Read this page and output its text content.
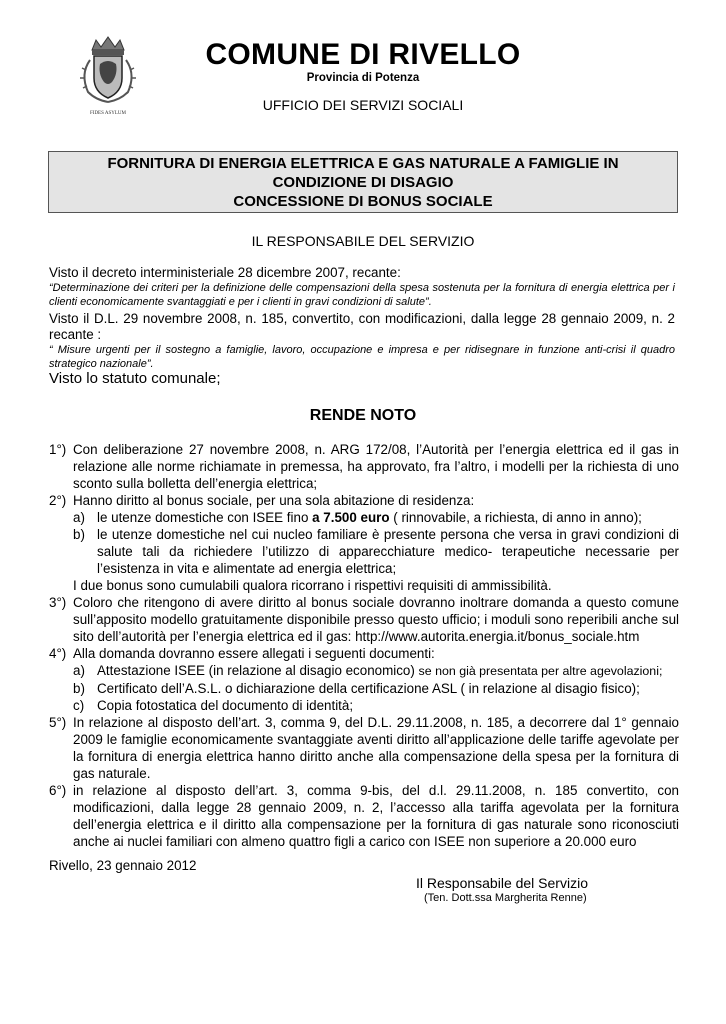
FIDES ASYLUM
COMUNE DI RIVELLO
Provincia di Potenza
UFFICIO DEI SERVIZI SOCIALI
FORNITURA DI ENERGIA ELETTRICA E GAS NATURALE A FAMIGLIE IN
CONDIZIONE DI DISAGIO
CONCESSIONE DI BONUS SOCIALE
IL RESPONSABILE DEL SERVIZIO
Visto il decreto interministeriale 28 dicembre 2007, recante:
“Determinazione dei criteri per la definizione delle compensazioni della spesa sostenuta per la fornitura di energia elettrica per i clienti economicamente svantaggiati e per i clienti in gravi condizioni di salute”.
Visto il D.L. 29 novembre 2008, n. 185, convertito, con modificazioni, dalla legge 28 gennaio 2009, n. 2 recante :
“ Misure urgenti per il sostegno a famiglie, lavoro, occupazione e impresa e per ridisegnare in funzione anti-crisi il quadro strategico nazionale”.
Visto lo statuto comunale;
RENDE NOTO
1°) Con deliberazione 27 novembre 2008, n. ARG 172/08, l’Autorità per l’energia elettrica ed il gas in relazione alle norme richiamate in premessa, ha approvato, fra l’altro, i modelli per la richiesta di uno sconto sulla bolletta dell’energia elettrica;
2°) Hanno diritto al bonus sociale, per una sola abitazione di residenza:
a) le utenze domestiche con ISEE fino a 7.500 euro ( rinnovabile, a richiesta, di anno in anno);
b) le utenze domestiche nel cui nucleo familiare è presente persona che versa in gravi condizioni di salute tali da richiedere l’utilizzo di apparecchiature medico- terapeutiche necessarie per l’esistenza in vita e alimentate ad energia elettrica;
I due bonus sono cumulabili qualora ricorrano i rispettivi requisiti di ammissibilità.
3°) Coloro che ritengono di avere diritto al bonus sociale dovranno inoltrare domanda a questo comune sull’apposito modello gratuitamente disponibile presso questo ufficio; i moduli sono reperibili anche sul sito dell’autorità per l’energia elettrica ed il gas: http://www.autorita.energia.it/bonus_sociale.htm
4°) Alla domanda dovranno essere allegati i seguenti documenti:
a) Attestazione ISEE (in relazione al disagio economico) se non già presentata per altre agevolazioni;
b) Certificato dell’A.S.L. o dichiarazione della certificazione ASL ( in relazione al disagio fisico);
c) Copia fotostatica del documento di identità;
5°) In relazione al disposto dell’art. 3, comma 9, del D.L. 29.11.2008, n. 185, a decorrere dal 1° gennaio 2009 le famiglie economicamente svantaggiate aventi diritto all’applicazione delle tariffe agevolate per la fornitura di energia elettrica hanno diritto anche alla compensazione della spesa per la fornitura di gas naturale.
6°) in relazione al disposto dell’art. 3, comma 9-bis, del d.l. 29.11.2008, n. 185 convertito, con modificazioni, dalla legge 28 gennaio 2009, n. 2, l’accesso alla tariffa agevolata per la fornitura dell’energia elettrica e il diritto alla compensazione per la fornitura di gas naturale sono riconosciuti anche ai nuclei familiari con almeno quattro figli a carico con ISEE non superiore a 20.000 euro
Rivello, 23 gennaio 2012
Il Responsabile del Servizio
(Ten. Dott.ssa Margherita Renne)
